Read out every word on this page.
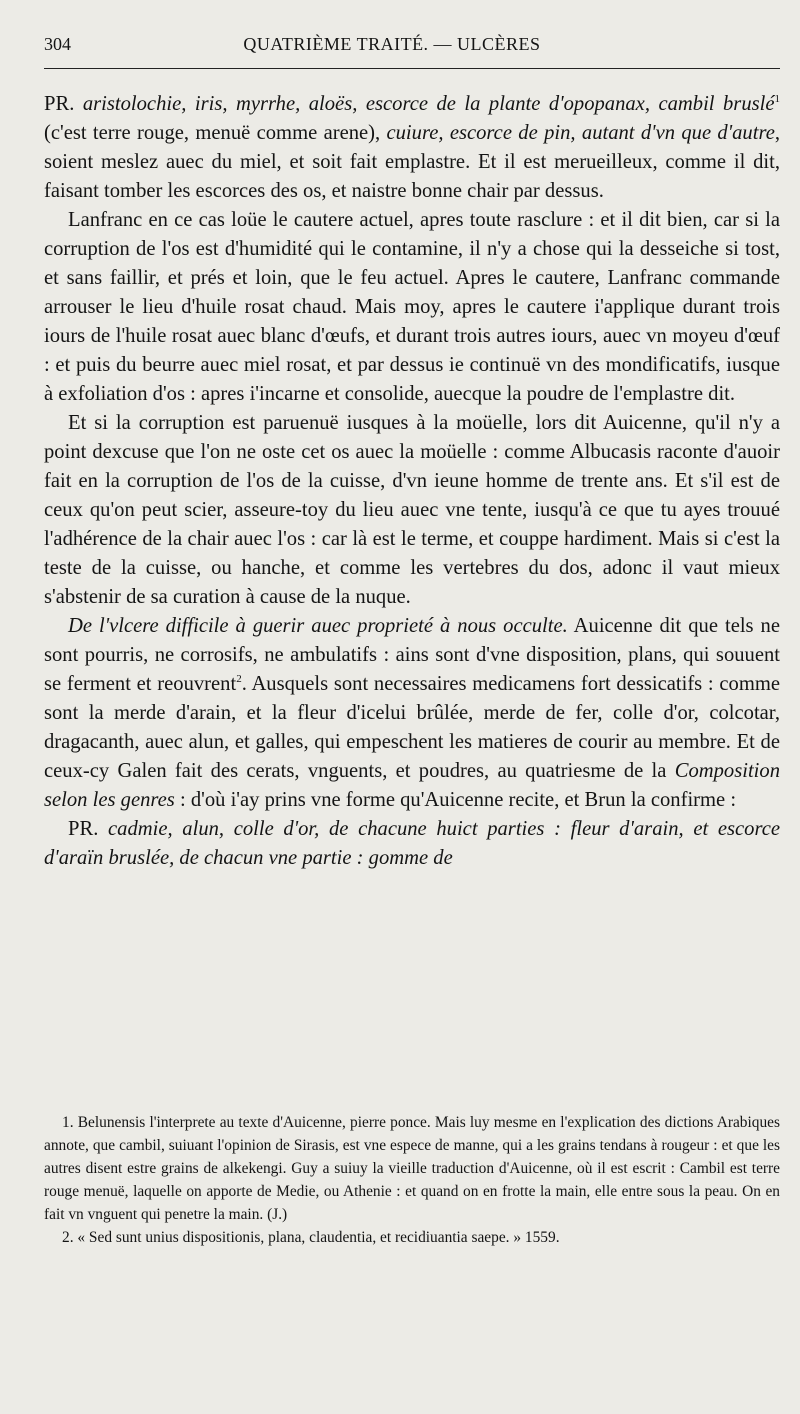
304	QUATRIÈME TRAITÉ. — ULCÈRES

PR. aristolochie, iris, myrrhe, aloës, escorce de la plante d'opopanax, cambil bruslé$^1$ (c'est terre rouge, menuë comme arene), cuiure, escorce de pin, autant d'vn que d'autre, soient meslez auec du miel, et soit fait emplastre. Et il est merueilleux, comme il dit, faisant tomber les escorces des os, et naistre bonne chair par dessus.

Lanfranc en ce cas loüe le cautere actuel, apres toute rasclure : et il dit bien, car si la corruption de l'os est d'humidité qui le contamine, il n'y a chose qui la desseiche si tost, et sans faillir, et prés et loin, que le feu actuel. Apres le cautere, Lanfranc commande arrouser le lieu d'huile rosat chaud. Mais moy, apres le cautere i'applique durant trois iours de l'huile rosat auec blanc d'œufs, et durant trois autres iours, auec vn moyeu d'œuf : et puis du beurre auec miel rosat, et par dessus ie continuë vn des mondificatifs, iusque à exfoliation d'os : apres i'incarne et consolide, auecque la poudre de l'emplastre dit.

Et si la corruption est paruenuë iusques à la moüelle, lors dit Auicenne, qu'il n'y a point dexcuse que l'on ne oste cet os auec la moüelle : comme Albucasis raconte d'auoir fait en la corruption de l'os de la cuisse, d'vn ieune homme de trente ans. Et s'il est de ceux qu'on peut scier, asseure-toy du lieu auec vne tente, iusqu'à ce que tu ayes trouué l'adhérence de la chair auec l'os : car là est le terme, et couppe hardiment. Mais si c'est la teste de la cuisse, ou hanche, et comme les vertebres du dos, adonc il vaut mieux s'abstenir de sa curation à cause de la nuque.

De l'vlcere difficile à guerir auec proprieté à nous occulte. Auicenne dit que tels ne sont pourris, ne corrosifs, ne ambulatifs : ains sont d'vne disposition, plans, qui souuent se ferment et reouvrent$^2$. Ausquels sont necessaires medicamens fort dessicatifs : comme sont la merde d'arain, et la fleur d'icelui brûlée, merde de fer, colle d'or, colcotar, dragacanth, auec alun, et galles, qui empeschent les matieres de courir au membre. Et de ceux-cy Galen fait des cerats, vnguents, et poudres, au quatriesme de la Composition selon les genres : d'où i'ay prins vne forme qu'Auicenne recite, et Brun la confirme :

PR. cadmie, alun, colle d'or, de chacune huict parties : fleur d'arain, et escorce d'araïn bruslée, de chacun vne partie : gomme de

1. Belunensis l'interprete au texte d'Auicenne, pierre ponce. Mais luy mesme en l'explication des dictions Arabiques annote, que cambil, suiuant l'opinion de Sirasis, est vne espece de manne, qui a les grains tendans à rougeur : et que les autres disent estre grains de alkekengi. Guy a suiuy la vieille traduction d'Auicenne, où il est escrit : Cambil est terre rouge menuë, laquelle on apporte de Medie, ou Athenie : et quand on en frotte la main, elle entre sous la peau. On en fait vn vnguent qui penetre la main. (J.)

2. « Sed sunt unius dispositionis, plana, claudentia, et recidiuantia saepe. » 1559.
